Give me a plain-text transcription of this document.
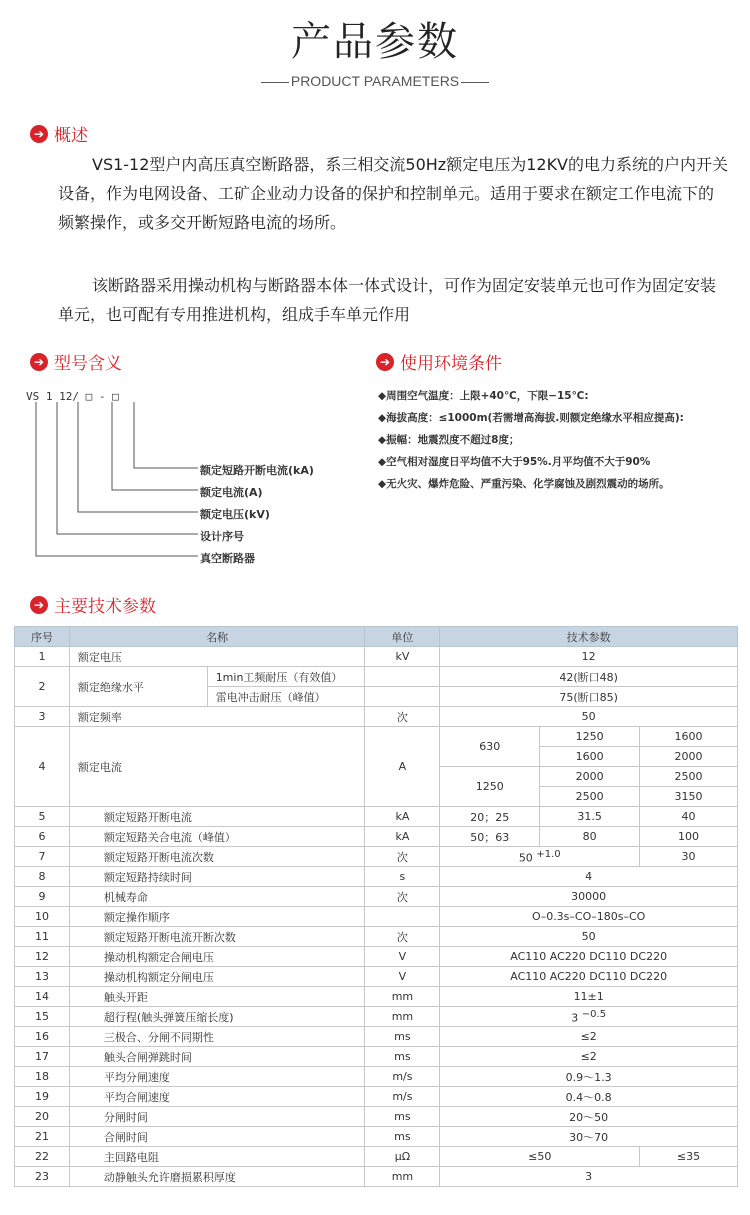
产品参数
PRODUCT PARAMETERS
➔ 概述
VS1-12型户内高压真空断路器，系三相交流50Hz额定电压为12KV的电力系统的户内开关设备，作为电网设备、工矿企业动力设备的保护和控制单元。适用于要求在额定工作电流下的频繁操作，或多交开断短路电流的场所。
该断路器采用操动机构与断路器本体一体式设计，可作为固定安装单元也可作为固定安装单元，也可配有专用推进机构，组成手车单元作用
➔ 型号含义
VS 1 12/ □ - □
额定短路开断电流(kA)
额定电流(A)
额定电压(kV)
设计序号
真空断路器
➔ 使用环境条件
◆周围空气温度：上限+40℃，下限−15℃:
◆海拔高度：≤1000m(若需增高海拔.则额定绝缘水平相应提高):
◆振幅：地震烈度不超过8度；
◆空气相对湿度日平均值不大于95%.月平均值不大于90%
◆无火灾、爆炸危险、严重污染、化学腐蚀及剧烈震动的场所。
➔ 主要技术参数
序号	名称		单位	技术参数		
1	额定电压		kV	12		
2	额定绝缘水平	1min工频耐压（有效值）		42(断口48)		
		雷电冲击耐压（峰值）		75(断口85)		
3	额定频率		次	50		
4	额定电流		A	630	1250	1600
					1600	2000
				1250	2000	2500
					2500	3150
5	额定短路开断电流		kA	20；25	31.5	40
6	额定短路关合电流（峰值）		kA	50；63	80	100
7	额定短路开断电流次数		次	50 $^{+1.0}$		30
8	额定短路持续时间		s	4		
9	机械寿命		次	30000		
10	额定操作顺序			O–0.3s–CO–180s–CO		
11	额定短路开断电流开断次数		次	50		
12	操动机构额定合闸电压		V	AC110 AC220 DC110 DC220		
13	操动机构额定分闸电压		V	AC110 AC220 DC110 DC220		
14	触头开距		mm	11±1		
15	超行程(触头弹簧压缩长度)		mm	3 $^{-0.5}$
16	三极合、分闸不同期性		ms	≤2		
17	触头合闸弹跳时间		ms	≤2		
18	平均分闸速度		m/s	0.9～1.3		
19	平均合闸速度		m/s	0.4～0.8		
20	分闸时间		ms	20～50		
21	合闸时间		ms	30～70		
22	主回路电阻		μΩ	≤50		≤35
23	动静触头允许磨损累积厚度		mm	3		
